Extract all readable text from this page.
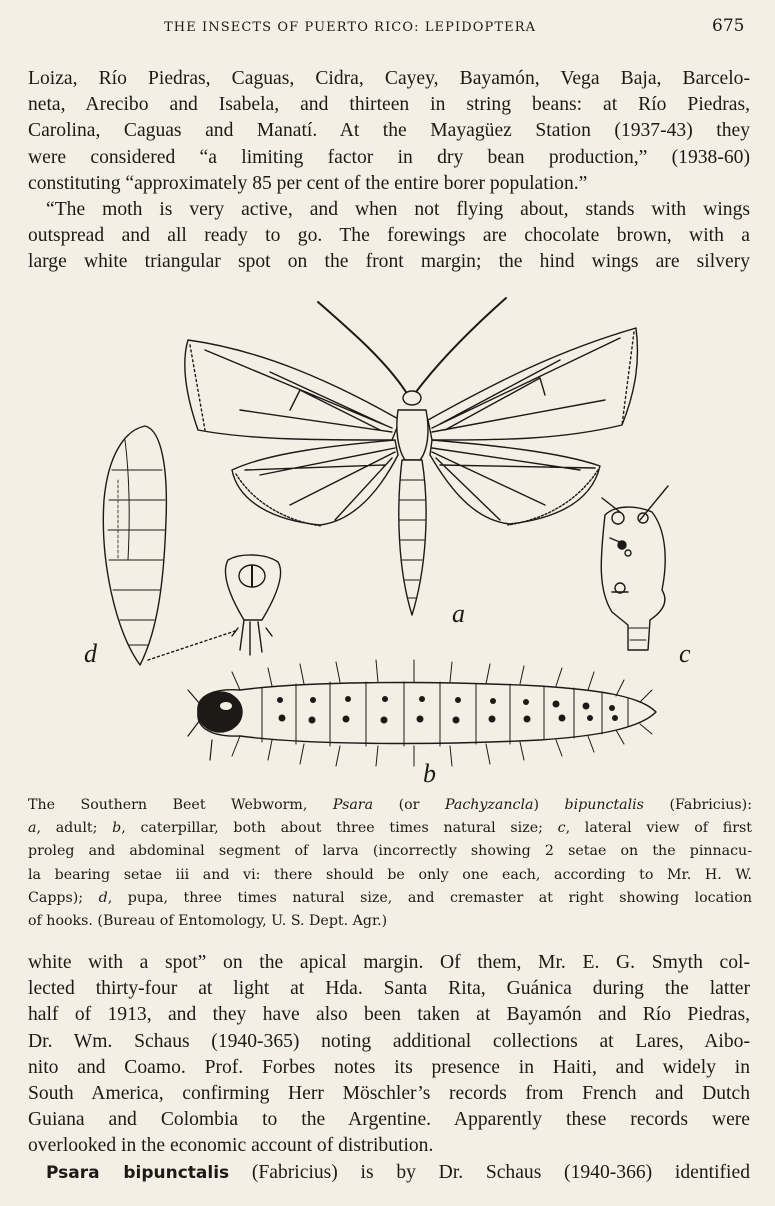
THE INSECTS OF PUERTO RICO: LEPIDOPTERA	675

Loiza, Río Piedras, Caguas, Cidra, Cayey, Bayamón, Vega Baja, Barcelo-
neta, Arecibo and Isabela, and thirteen in string beans: at Río Piedras,
Carolina, Caguas and Manatí. At the Mayagüez Station (1937-43) they
were considered “a limiting factor in dry bean production,” (1938-60)
constituting “approximately 85 per cent of the entire borer population.”

“The moth is very active, and when not flying about, stands with wings
outspread and all ready to go. The forewings are chocolate brown, with a
large white triangular spot on the front margin; the hind wings are silvery

a
b
c
d

The Southern Beet Webworm, Psara (or Pachyzancla) bipunctalis (Fabricius):
a, adult; b, caterpillar, both about three times natural size; c, lateral view of first
proleg and abdominal segment of larva (incorrectly showing 2 setae on the pinnacu-
la bearing setae iii and vi: there should be only one each, according to Mr. H. W.
Capps); d, pupa, three times natural size, and cremaster at right showing location
of hooks. (Bureau of Entomology, U. S. Dept. Agr.)

white with a spot” on the apical margin. Of them, Mr. E. G. Smyth col-
lected thirty-four at light at Hda. Santa Rita, Guánica during the latter
half of 1913, and they have also been taken at Bayamón and Río Piedras,
Dr. Wm. Schaus (1940-365) noting additional collections at Lares, Aibo-
nito and Coamo. Prof. Forbes notes its presence in Haiti, and widely in
South America, confirming Herr Möschler’s records from French and Dutch
Guiana and Colombia to the Argentine. Apparently these records were
overlooked in the economic account of distribution.

Psara bipunctalis (Fabricius) is by Dr. Schaus (1940-366) identified
